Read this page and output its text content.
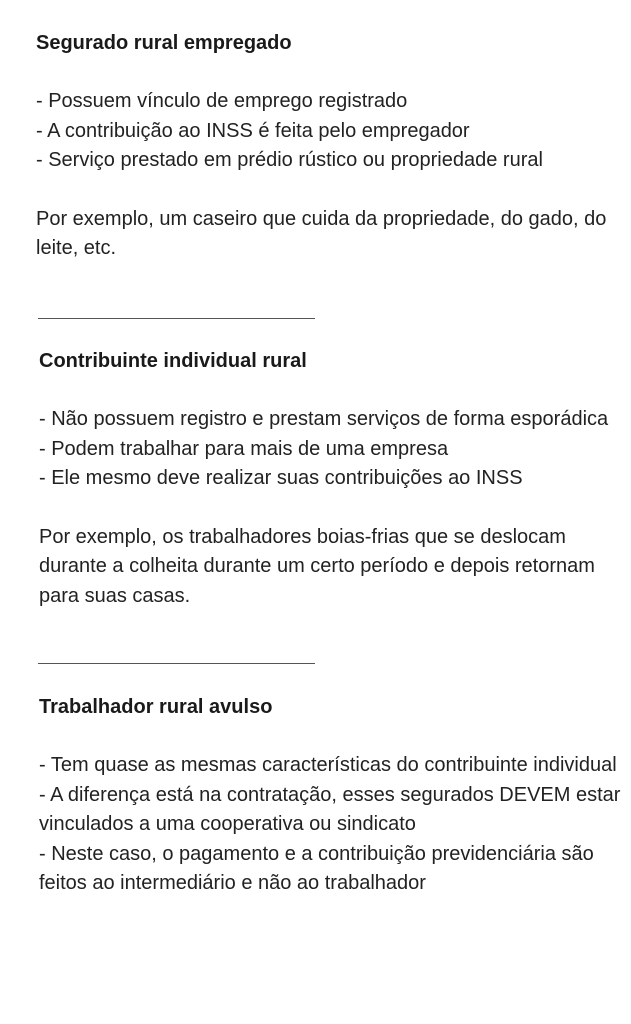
Segurado rural empregado
- Possuem vínculo de emprego registrado
- A contribuição ao INSS é feita pelo empregador
- Serviço prestado em prédio rústico ou propriedade rural
Por exemplo, um caseiro que cuida da propriedade, do gado, do leite, etc.
Contribuinte individual rural
- Não possuem registro e prestam serviços de forma esporádica
- Podem trabalhar para mais de uma empresa
- Ele mesmo deve realizar suas contribuições ao INSS
Por exemplo, os trabalhadores boias-frias que se deslocam durante a colheita durante um certo período e depois retornam para suas casas.
Trabalhador rural avulso
- Tem quase as mesmas características do contribuinte individual
- A diferença está na contratação, esses segurados DEVEM estar vinculados a uma cooperativa ou sindicato
- Neste caso, o pagamento e a contribuição previdenciária são feitos ao intermediário e não ao trabalhador
